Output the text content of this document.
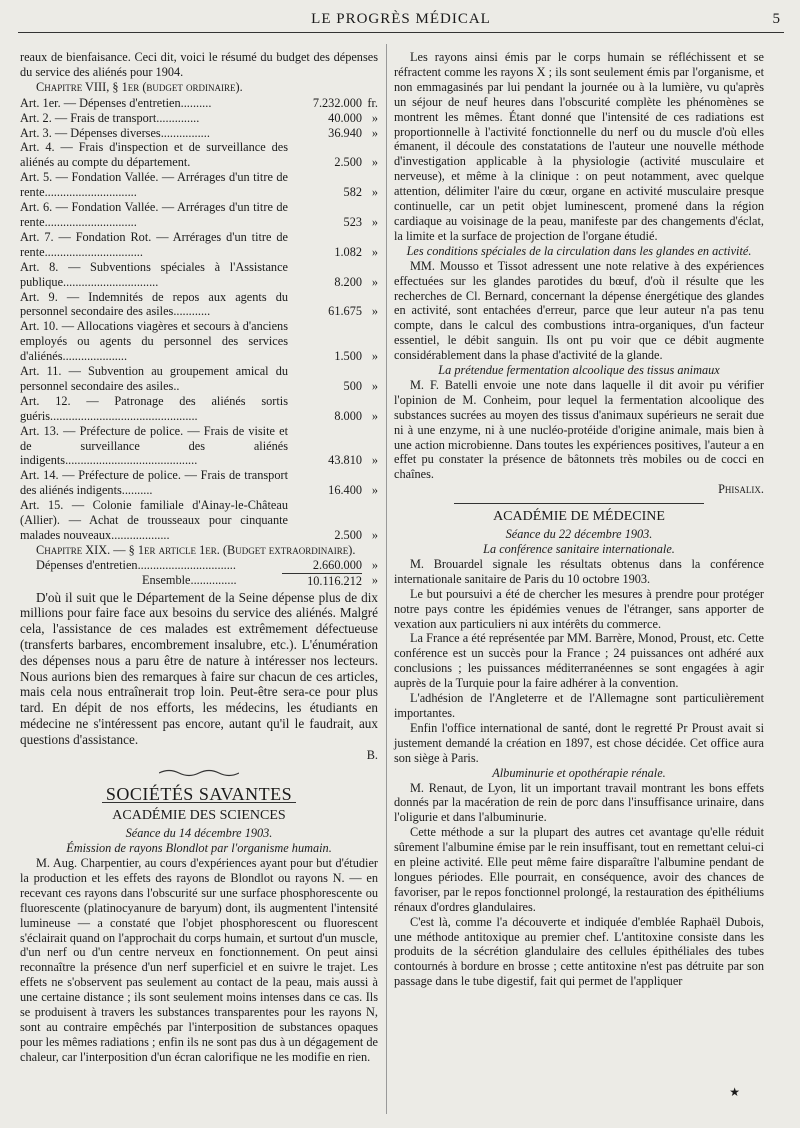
LE PROGRÈS MÉDICAL	5

reaux de bienfaisance. Ceci dit, voici le résumé du budget des dépenses du service des aliénés pour 1904.

Chapitre VIII, § 1er (budget ordinaire).

Art. 1er. — Dépenses d'entretien..........	7.232.000 fr.
Art. 2. — Frais de transport..............	40.000 »
Art. 3. — Dépenses diverses................	36.940 »
Art. 4. — Frais d'inspection et de surveillance des aliénés au compte du département.	2.500 »
Art. 5. — Fondation Vallée. — Arrérages d'un titre de rente..............................	582 »
Art. 6. — Fondation Vallée. — Arrérages d'un titre de rente..............................	523 »
Art. 7. — Fondation Rot. — Arrérages d'un titre de rente................................	1.082 »
Art. 8. — Subventions spéciales à l'Assistance publique...............................	8.200 »
Art. 9. — Indemnités de repos aux agents du personnel secondaire des asiles............	61.675 »
Art. 10. — Allocations viagères et secours à d'anciens employés ou agents du personnel des services d'aliénés.....................	1.500 »
Art. 11. — Subvention au groupement amical du personnel secondaire des asiles..	500 »
Art. 12. — Patronage des aliénés sortis guéris................................................	8.000 »
Art. 13. — Préfecture de police. — Frais de visite et de surveillance des aliénés indigents...........................................	43.810 »
Art. 14. — Préfecture de police. — Frais de transport des aliénés indigents..........	16.400 »
Art. 15. — Colonie familiale d'Ainay-le-Château (Allier). — Achat de trousseaux pour cinquante malades nouveaux...................	2.500 »

Chapitre XIX. — § 1er article 1er. (Budget extraordinaire).

Dépenses d'entretien................................	2.660.000 »
Ensemble...............	10.116.212 »

D'où il suit que le Département de la Seine dépense plus de dix millions pour faire face aux besoins du service des aliénés. Malgré cela, l'assistance de ces malades est extrêmement défectueuse (transferts barbares, encombrement insalubre, etc.). L'énumération des dépenses nous a paru être de nature à intéresser nos lecteurs. Nous aurions bien des remarques à faire sur chacun de ces articles, mais cela nous entraînerait trop loin. Peut-être sera-ce pour plus tard. En dépit de nos efforts, les médecins, les étudiants en médecine ne s'intéressent pas encore, autant qu'il le faudrait, aux questions d'assistance.

B.

SOCIÉTÉS SAVANTES

ACADÉMIE DES SCIENCES

Séance du 14 décembre 1903.

Émission de rayons Blondlot par l'organisme humain.

M. Aug. Charpentier, au cours d'expériences ayant pour but d'étudier la production et les effets des rayons de Blondlot ou rayons N. — en recevant ces rayons dans l'obscurité sur une surface phosphorescente ou fluorescente (platinocyanure de baryum) dont, ils augmentent l'intensité lumineuse — a constaté que l'objet phosphorescent ou fluorescent s'éclairait quand on l'approchait du corps humain, et surtout d'un muscle, d'un nerf ou d'un centre nerveux en fonctionnement. On peut ainsi reconnaître la présence d'un nerf superficiel et en suivre le trajet. Les effets ne s'observent pas seulement au contact de la peau, mais aussi à une certaine distance ; ils sont seulement moins intenses dans ce cas. Ils se produisent à travers les substances transparentes pour les rayons N, sont au contraire empêchés par l'interposition de substances opaques pour les mêmes radiations ; enfin ils ne sont pas dus à un dégagement de chaleur, car l'interposition d'un écran calorifique ne les modifie en rien.

Les rayons ainsi émis par le corps humain se réfléchissent et se réfractent comme les rayons X ; ils sont seulement émis par l'organisme, et non emmagasinés par lui pendant la journée ou à la lumière, vu qu'après un séjour de neuf heures dans l'obscurité complète les phénomènes se montrent les mêmes. Étant donné que l'intensité de ces radiations est proportionnelle à l'activité fonctionnelle du nerf ou du muscle d'où elles émanent, il découle des constatations de l'auteur une nouvelle méthode d'investigation applicable à la physiologie (activité musculaire et nerveuse), et même à la clinique : on peut notamment, avec quelque attention, délimiter l'aire du cœur, organe en activité musculaire presque continuelle, car un petit objet luminescent, promené dans la région cardiaque au voisinage de la peau, manifeste par des changements d'éclat, la limite et la surface de projection de l'organe étudié.

Les conditions spéciales de la circulation dans les glandes en activité.

MM. Mousso et Tissot adressent une note relative à des expériences effectuées sur les glandes parotides du bœuf, d'où il résulte que les recherches de Cl. Bernard, concernant la dépense énergétique des glandes en activité, sont entachées d'erreur, parce que leur auteur n'a pas tenu compte, dans le calcul des combustions intra-organiques, d'un facteur essentiel, le débit sanguin. Ils ont pu voir que ce débit augmente considérablement dans la phase d'activité de la glande.

La prétendue fermentation alcoolique des tissus animaux

M. F. Batelli envoie une note dans laquelle il dit avoir pu vérifier l'opinion de M. Conheim, pour lequel la fermentation alcoolique des substances sucrées au moyen des tissus d'animaux supérieurs ne serait due ni à une enzyme, ni à une nucléo-protéide d'origine animale, mais bien à une action microbienne. Dans toutes les expériences positives, l'auteur a en effet pu constater la présence de bâtonnets très mobiles ou de cocci en chaînes.

Phisalix.

ACADÉMIE DE MÉDECINE

Séance du 22 décembre 1903.

La conférence sanitaire internationale.

M. Brouardel signale les résultats obtenus dans la conférence internationale sanitaire de Paris du 10 octobre 1903.

Le but poursuivi a été de chercher les mesures à prendre pour protéger notre pays contre les épidémies venues de l'étranger, sans apporter de vexation aux particuliers ni aux intérêts du commerce.

La France a été représentée par MM. Barrère, Monod, Proust, etc. Cette conférence est un succès pour la France ; 24 puissances ont adhéré aux conclusions ; les puissances méditerranéennes se sont engagées à agir auprès de la Turquie pour la faire adhérer à la convention.

L'adhésion de l'Angleterre et de l'Allemagne sont particulièrement importantes.

Enfin l'office international de santé, dont le regretté Pr Proust avait si justement demandé la création en 1897, est chose décidée. Cet office aura son siège à Paris.

Albuminurie et opothérapie rénale.

M. Renaut, de Lyon, lit un important travail montrant les bons effets donnés par la macération de rein de porc dans l'insuffisance urinaire, dans l'oligurie et dans l'albuminurie.

Cette méthode a sur la plupart des autres cet avantage qu'elle réduit sûrement l'albumine émise par le rein insuffisant, tout en remettant celui-ci en pleine activité. Elle peut même faire disparaître l'albumine pendant de longues périodes. Elle pourrait, en conséquence, avoir des chances de favoriser, par le repos fonctionnel prolongé, la restauration des épithéliums rénaux d'ordres glandulaires.

C'est là, comme l'a découverte et indiquée d'emblée Raphaël Dubois, une méthode antitoxique au premier chef. L'antitoxine consiste dans les produits de la sécrétion glandulaire des cellules épithéliales des tubes contournés à bordure en brosse ; cette antitoxine n'est pas détruite par son passage dans le tube digestif, fait qui permet de l'appliquer

★
